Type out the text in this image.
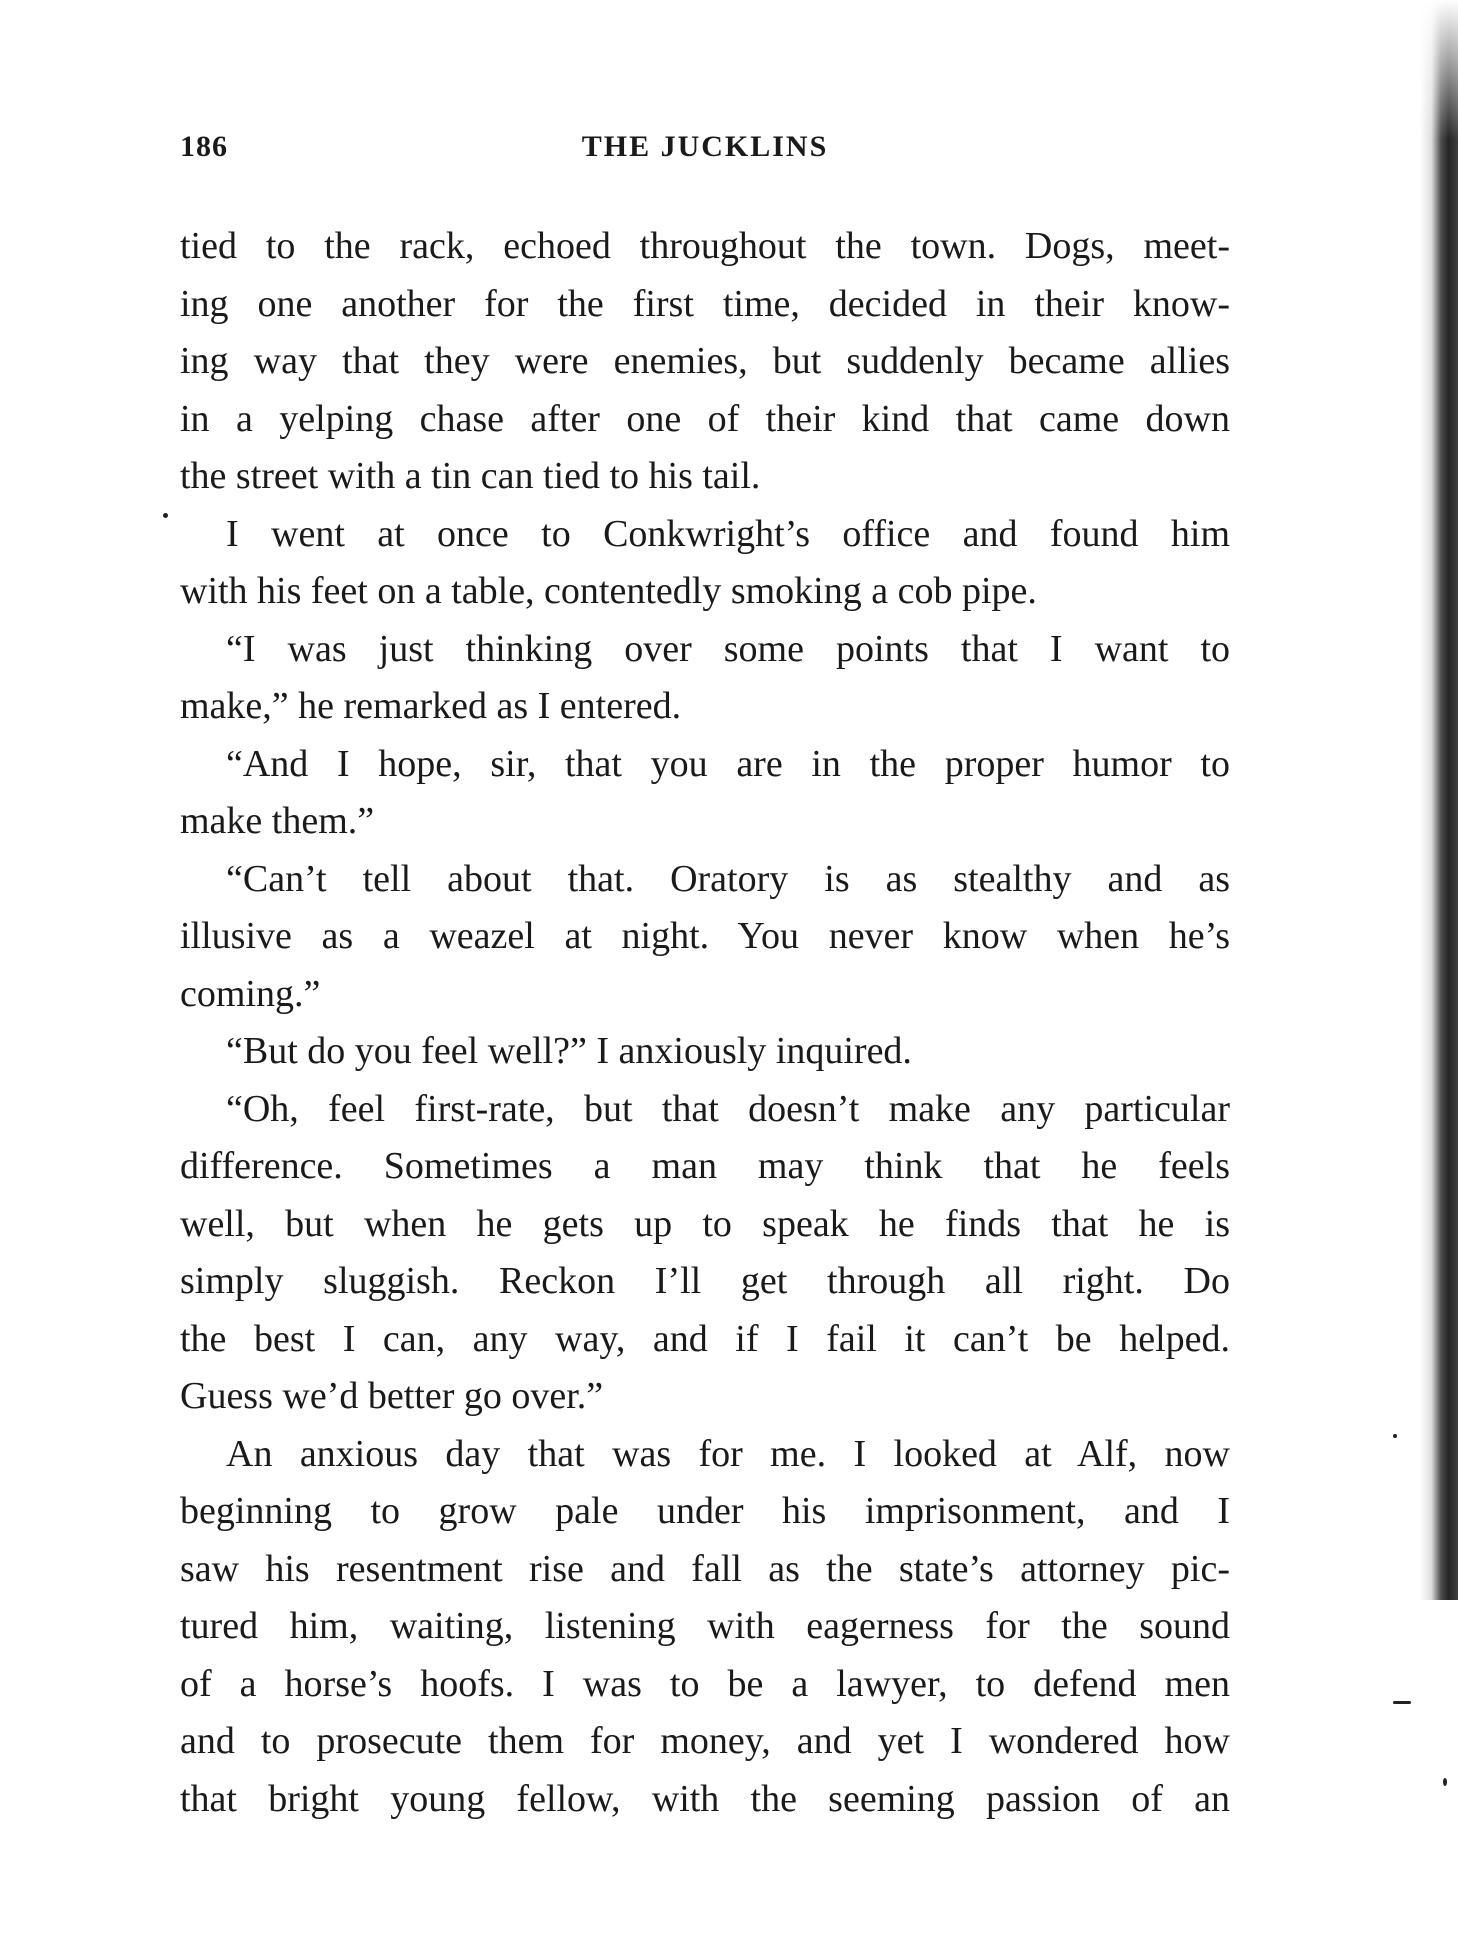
186	THE JUCKLINS
tied to the rack, echoed throughout the town. Dogs, meet-
ing one another for the first time, decided in their know-
ing way that they were enemies, but suddenly became allies
in a yelping chase after one of their kind that came down
the street with a tin can tied to his tail.
I went at once to Conkwright’s office and found him
with his feet on a table, contentedly smoking a cob pipe.
“I was just thinking over some points that I want to
make,” he remarked as I entered.
“And I hope, sir, that you are in the proper humor to
make them.”
“Can’t tell about that. Oratory is as stealthy and as
illusive as a weazel at night. You never know when he’s
coming.”
“But do you feel well?” I anxiously inquired.
“Oh, feel first-rate, but that doesn’t make any particular
difference. Sometimes a man may think that he feels
well, but when he gets up to speak he finds that he is
simply sluggish. Reckon I’ll get through all right. Do
the best I can, any way, and if I fail it can’t be helped.
Guess we’d better go over.”
An anxious day that was for me. I looked at Alf, now
beginning to grow pale under his imprisonment, and I
saw his resentment rise and fall as the state’s attorney pic-
tured him, waiting, listening with eagerness for the sound
of a horse’s hoofs. I was to be a lawyer, to defend men
and to prosecute them for money, and yet I wondered how
that bright young fellow, with the seeming passion of an
